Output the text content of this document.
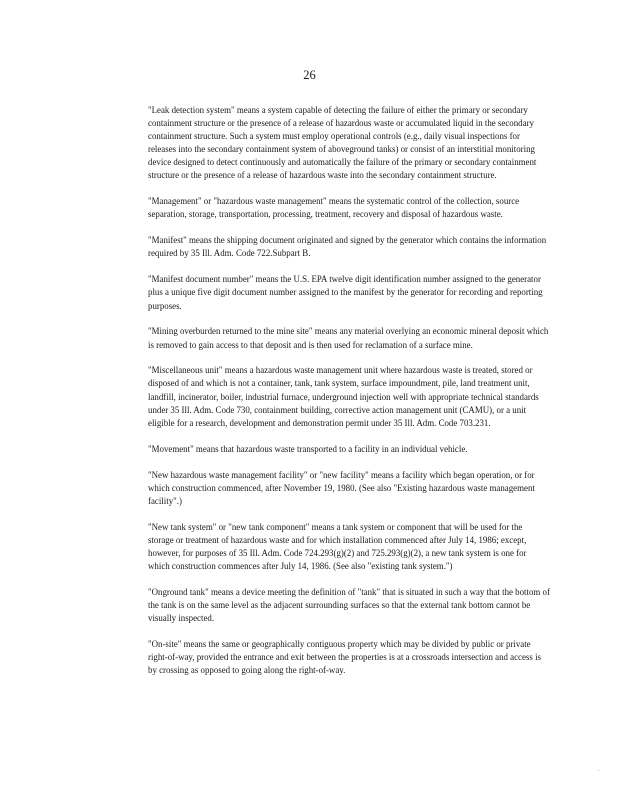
26

"Leak detection system" means a system capable of detecting the failure of either the primary or secondary containment structure or the presence of a release of hazardous waste or accumulated liquid in the secondary containment structure. Such a system must employ operational controls (e.g., daily visual inspections for releases into the secondary containment system of aboveground tanks) or consist of an interstitial monitoring device designed to detect continuously and automatically the failure of the primary or secondary containment structure or the presence of a release of hazardous waste into the secondary containment structure.

"Management" or "hazardous waste management" means the systematic control of the collection, source separation, storage, transportation, processing, treatment, recovery and disposal of hazardous waste.

"Manifest" means the shipping document originated and signed by the generator which contains the information required by 35 Ill. Adm. Code 722.Subpart B.

"Manifest document number" means the U.S. EPA twelve digit identification number assigned to the generator plus a unique five digit document number assigned to the manifest by the generator for recording and reporting purposes.

"Mining overburden returned to the mine site" means any material overlying an economic mineral deposit which is removed to gain access to that deposit and is then used for reclamation of a surface mine.

"Miscellaneous unit" means a hazardous waste management unit where hazardous waste is treated, stored or disposed of and which is not a container, tank, tank system, surface impoundment, pile, land treatment unit, landfill, incinerator, boiler, industrial furnace, underground injection well with appropriate technical standards under 35 Ill. Adm. Code 730, containment building, corrective action management unit (CAMU), or a unit eligible for a research, development and demonstration permit under 35 Ill. Adm. Code 703.231.

"Movement" means that hazardous waste transported to a facility in an individual vehicle.

"New hazardous waste management facility" or "new facility" means a facility which began operation, or for which construction commenced, after November 19, 1980. (See also "Existing hazardous waste management facility".)

"New tank system" or "new tank component" means a tank system or component that will be used for the storage or treatment of hazardous waste and for which installation commenced after July 14, 1986; except, however, for purposes of 35 Ill. Adm. Code 724.293(g)(2) and 725.293(g)(2), a new tank system is one for which construction commences after July 14, 1986. (See also "existing tank system.")

"Onground tank" means a device meeting the definition of "tank" that is situated in such a way that the bottom of the tank is on the same level as the adjacent surrounding surfaces so that the external tank bottom cannot be visually inspected.

"On-site" means the same or geographically contiguous property which may be divided by public or private right-of-way, provided the entrance and exit between the properties is at a crossroads intersection and access is by crossing as opposed to going along the right-of-way.

.
